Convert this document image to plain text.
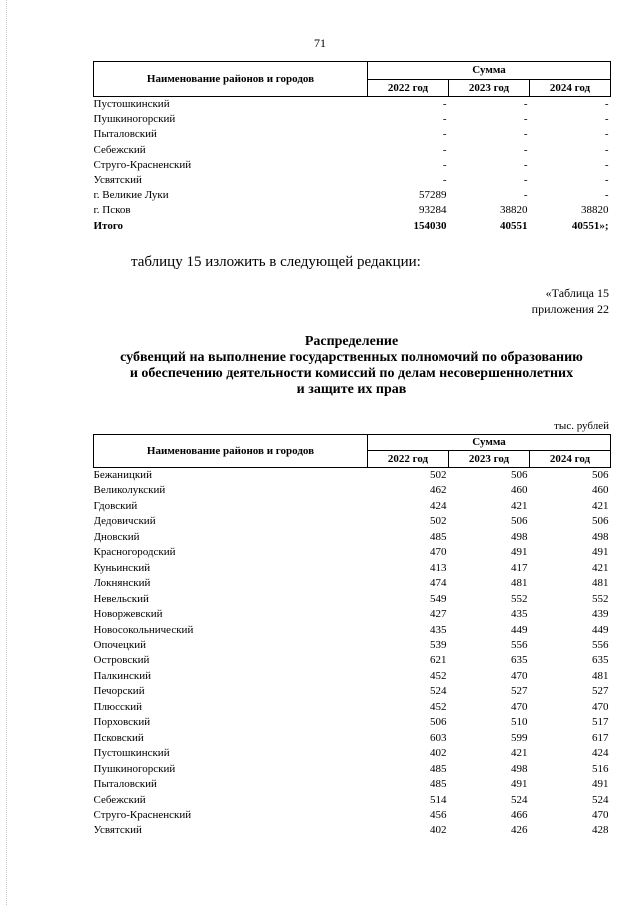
71
Наименование районов и городов	Сумма		
	2022 год	2023 год	2024 год
Пустошкинский	-	-	-
Пушкиногорский	-	-	-
Пыталовский	-	-	-
Себежский	-	-	-
Струго-Красненский	-	-	-
Усвятский	-	-	-
г. Великие Луки	57289	-	-
г. Псков	93284	38820	38820
Итого	154030	40551	40551»;
таблицу 15 изложить в следующей редакции:
«Таблица 15
приложения 22
Распределение
субвенций на выполнение государственных полномочий по образованию
и обеспечению деятельности комиссий по делам несовершеннолетних
и защите их прав
тыс. рублей
Наименование районов и городов	Сумма		
	2022 год	2023 год	2024 год
Бежаницкий	502	506	506
Великолукский	462	460	460
Гдовский	424	421	421
Дедовичский	502	506	506
Дновский	485	498	498
Красногородский	470	491	491
Куньинский	413	417	421
Локнянский	474	481	481
Невельский	549	552	552
Новоржевский	427	435	439
Новосокольнический	435	449	449
Опочецкий	539	556	556
Островский	621	635	635
Палкинский	452	470	481
Печорский	524	527	527
Плюсский	452	470	470
Порховский	506	510	517
Псковский	603	599	617
Пустошкинский	402	421	424
Пушкиногорский	485	498	516
Пыталовский	485	491	491
Себежский	514	524	524
Струго-Красненский	456	466	470
Усвятский	402	426	428
